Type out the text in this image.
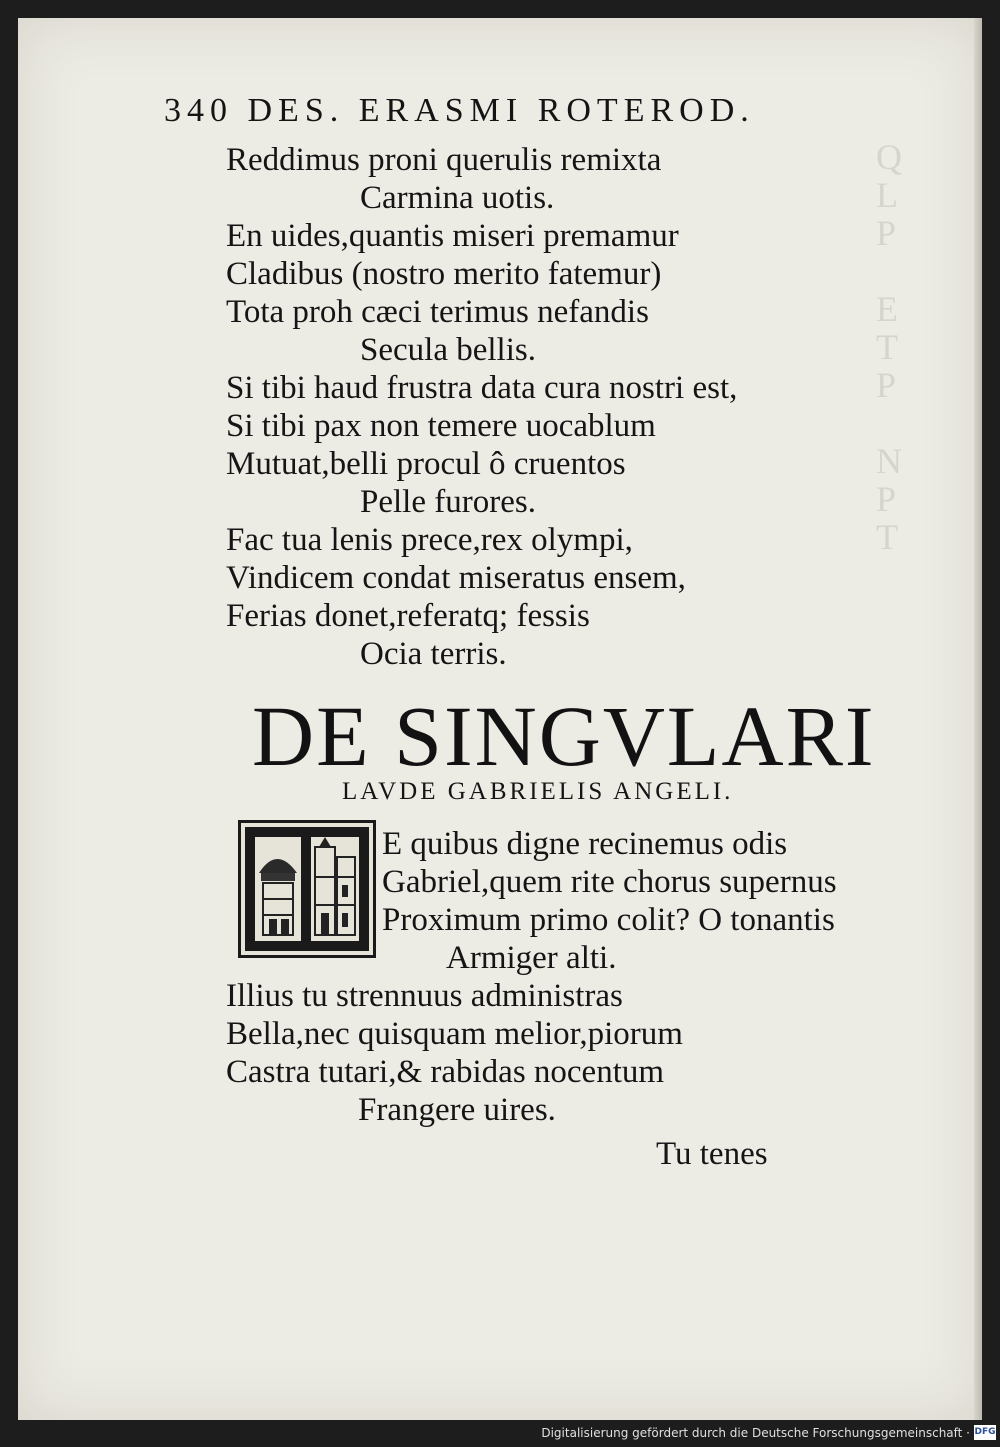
Q
L
P

E
T
P

N
P
T
340 DES. ERASMI ROTEROD.
Reddimus proni querulis remixta
Carmina uotis.
En uides,quantis miseri premamur
Cladibus (nostro merito fatemur)
Tota proh cæci terimus nefandis
Secula bellis.
Si tibi haud frustra data cura nostri est,
Si tibi pax non temere uocablum
Mutuat,belli procul ô cruentos
Pelle furores.
Fac tua lenis prece,rex olympi,
Vindicem condat miseratus ensem,
Ferias donet,referatq; fessis
Ocia terris.
DE SINGVLARI
LAVDE GABRIELIS ANGELI.
E quibus digne recinemus odis
Gabriel,quem rite chorus supernus
Proximum primo colit? O tonantis
Armiger alti.
Illius tu strennuus administras
Bella,nec quisquam melior,piorum
Castra tutari,& rabidas nocentum
Frangere uires.
Tu tenes
Digitalisierung gefördert durch die Deutsche Forschungsgemeinschaft · DFG
